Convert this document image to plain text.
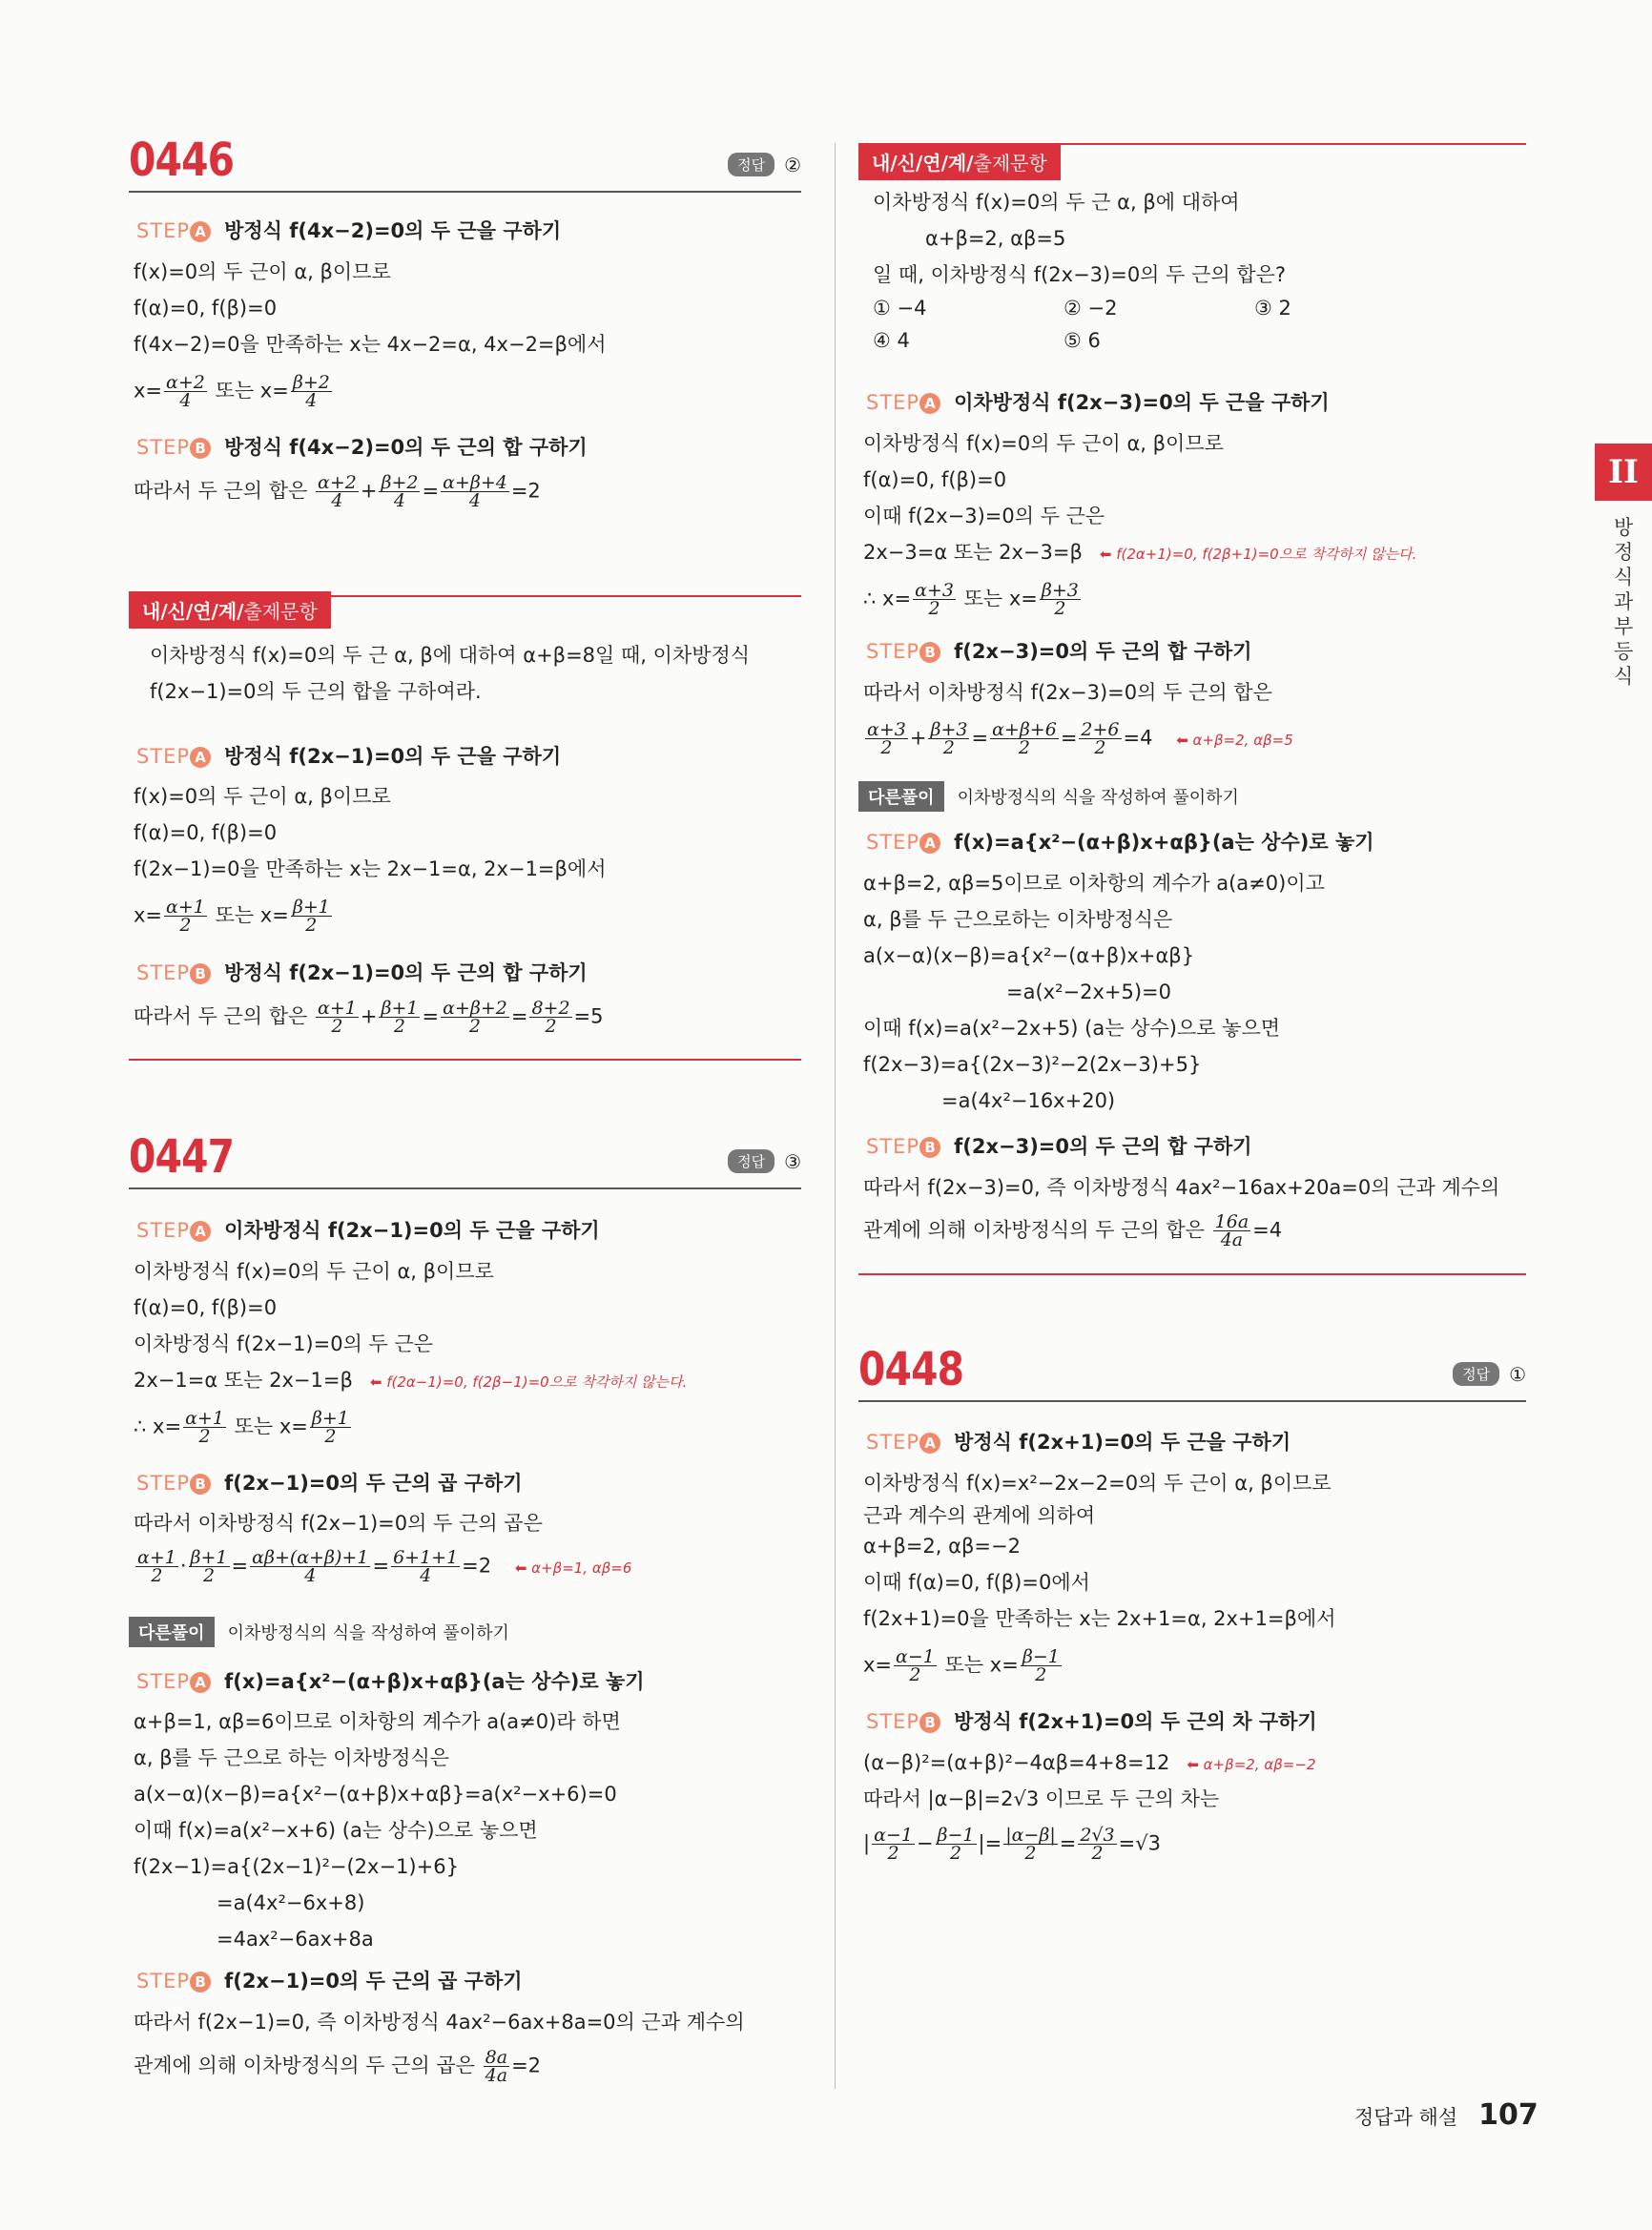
0446	정답	②
STEP A 방정식 f(4x−2)=0의 두 근을 구하기
f(x)=0의 두 근이 α, β이므로
f(α)=0, f(β)=0
f(4x−2)=0을 만족하는 x는 4x−2=α, 4x−2=β에서
$x= \frac{\alpha+2}{4}$ 또는 $x= \frac{\beta+2}{4}$
STEP B 방정식 f(4x−2)=0의 두 근의 합 구하기
따라서 두 근의 합은 $\frac{\alpha+2}{4} + \frac{\beta+2}{4} = \frac{\alpha+\beta+4}{4} =2$
내/신/연/계/출제문항
이차방정식 f(x)=0의 두 근 α, β에 대하여 α+β=8일 때, 이차방정식
f(2x−1)=0의 두 근의 합을 구하여라.
STEP A 방정식 f(2x−1)=0의 두 근을 구하기
f(x)=0의 두 근이 α, β이므로
f(α)=0, f(β)=0
f(2x−1)=0을 만족하는 x는 2x−1=α, 2x−1=β에서
$x= \frac{\alpha+1}{2}$ 또는 $x= \frac{\beta+1}{2}$
STEP B 방정식 f(2x−1)=0의 두 근의 합 구하기
따라서 두 근의 합은 $\frac{\alpha+1}{2} + \frac{\beta+1}{2} = \frac{\alpha+\beta+2}{2} = \frac{8+2}{2} =5$
0447	정답	③
STEP A 이차방정식 f(2x−1)=0의 두 근을 구하기
이차방정식 f(x)=0의 두 근이 α, β이므로
f(α)=0, f(β)=0
이차방정식 f(2x−1)=0의 두 근은
2x−1=α 또는 2x−1=β ⬅ f(2α−1)=0, f(2β−1)=0으로 착각하지 않는다.
∴ $x= \frac{\alpha+1}{2}$ 또는 $x= \frac{\beta+1}{2}$
STEP B f(2x−1)=0의 두 근의 곱 구하기
따라서 이차방정식 f(2x−1)=0의 두 근의 곱은
$\frac{\alpha+1}{2} \cdot \frac{\beta+1}{2} = \frac{\alpha\beta+(\alpha+\beta)+1}{4} = \frac{6+1+1}{4} =2$ ⬅ α+β=1, αβ=6
다른풀이	이차방정식의 식을 작성하여 풀이하기
STEP A f(x)=a{x²−(α+β)x+αβ}(a는 상수)로 놓기
α+β=1, αβ=6이므로 이차항의 계수가 a(a≠0)라 하면
α, β를 두 근으로 하는 이차방정식은
a(x−α)(x−β)=a{x²−(α+β)x+αβ}=a(x²−x+6)=0
이때 f(x)=a(x²−x+6) (a는 상수)으로 놓으면
f(2x−1)=a{(2x−1)²−(2x−1)+6}
=a(4x²−6x+8)
=4ax²−6ax+8a
STEP B f(2x−1)=0의 두 근의 곱 구하기
따라서 f(2x−1)=0, 즉 이차방정식 4ax²−6ax+8a=0의 근과 계수의
관계에 의해 이차방정식의 두 근의 곱은 $\frac{8a}{4a} =2$
내/신/연/계/출제문항
이차방정식 f(x)=0의 두 근 α, β에 대하여
α+β=2, αβ=5
일 때, 이차방정식 f(2x−3)=0의 두 근의 합은?
① −4	② −2	③ 2
④ 4	⑤ 6
STEP A 이차방정식 f(2x−3)=0의 두 근을 구하기
이차방정식 f(x)=0의 두 근이 α, β이므로
f(α)=0, f(β)=0
이때 f(2x−3)=0의 두 근은
2x−3=α 또는 2x−3=β ⬅ f(2α+1)=0, f(2β+1)=0으로 착각하지 않는다.
∴ $x= \frac{\alpha+3}{2}$ 또는 $x= \frac{\beta+3}{2}$
STEP B f(2x−3)=0의 두 근의 합 구하기
따라서 이차방정식 f(2x−3)=0의 두 근의 합은
$\frac{\alpha+3}{2} + \frac{\beta+3}{2} = \frac{\alpha+\beta+6}{2} = \frac{2+6}{2} =4$ ⬅ α+β=2, αβ=5
다른풀이	이차방정식의 식을 작성하여 풀이하기
STEP A f(x)=a{x²−(α+β)x+αβ}(a는 상수)로 놓기
α+β=2, αβ=5이므로 이차항의 계수가 a(a≠0)이고
α, β를 두 근으로하는 이차방정식은
a(x−α)(x−β)=a{x²−(α+β)x+αβ}
=a(x²−2x+5)=0
이때 f(x)=a(x²−2x+5) (a는 상수)으로 놓으면
f(2x−3)=a{(2x−3)²−2(2x−3)+5}
=a(4x²−16x+20)
STEP B f(2x−3)=0의 두 근의 합 구하기
따라서 f(2x−3)=0, 즉 이차방정식 4ax²−16ax+20a=0의 근과 계수의
관계에 의해 이차방정식의 두 근의 합은 $\frac{16a}{4a} =4$
0448	정답	①
STEP A 방정식 f(2x+1)=0의 두 근을 구하기
이차방정식 f(x)=x²−2x−2=0의 두 근이 α, β이므로
근과 계수의 관계에 의하여
α+β=2, αβ=−2
이때 f(α)=0, f(β)=0에서
f(2x+1)=0을 만족하는 x는 2x+1=α, 2x+1=β에서
$x= \frac{\alpha-1}{2}$ 또는 $x= \frac{\beta-1}{2}$
STEP B 방정식 f(2x+1)=0의 두 근의 차 구하기
(α−β)²=(α+β)²−4αβ=4+8=12 ⬅ α+β=2, αβ=−2
따라서 |α−β|=2√3 이므로 두 근의 차는
| $\frac{\alpha-1}{2} - \frac{\beta-1}{2}$ |= $\frac{|\alpha-\beta|}{2} = \frac{2√3}{2} =√3$
II
방정식과 부등식
정답과 해설 107
